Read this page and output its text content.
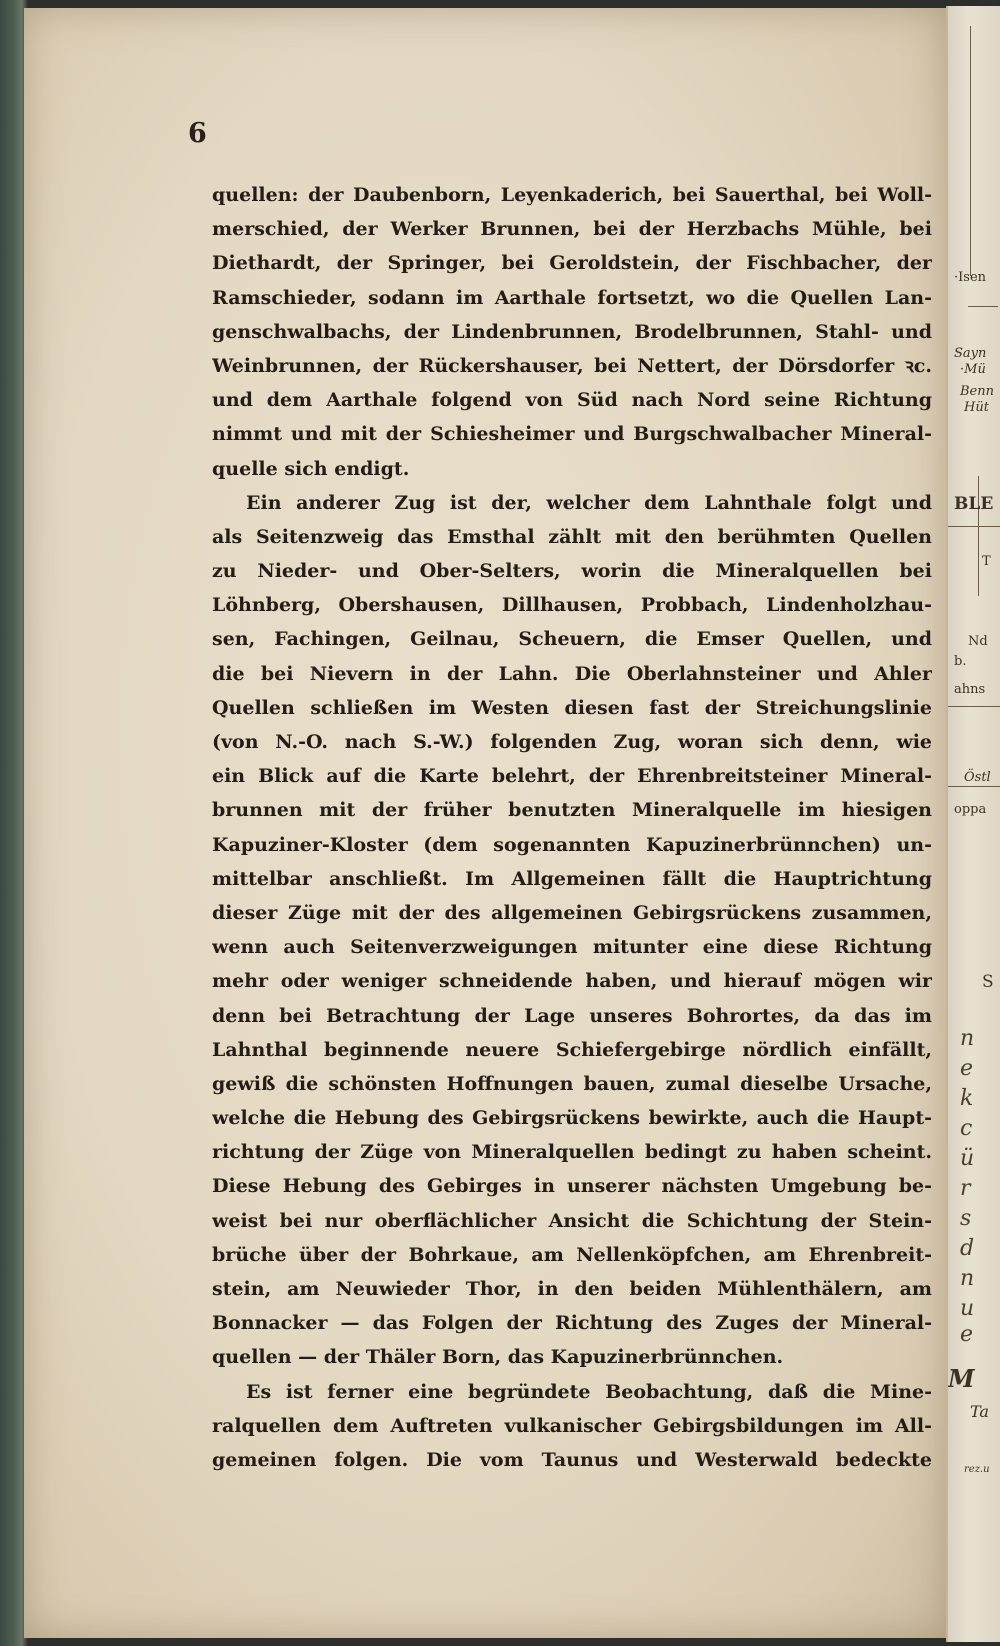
6
quellen: der Daubenborn, Leyenkaderich, bei Sauerthal, bei Woll-
merschied, der Werker Brunnen, bei der Herzbachs Mühle, bei
Diethardt, der Springer, bei Geroldstein, der Fischbacher, der
Ramschieder, sodann im Aarthale fortsetzt, wo die Quellen Lan-
genschwalbachs, der Lindenbrunnen, Brodelbrunnen, Stahl- und
Weinbrunnen, der Rückershauser, bei Nettert, der Dörsdorfer ꝛc.
und dem Aarthale folgend von Süd nach Nord seine Richtung
nimmt und mit der Schiesheimer und Burgschwalbacher Mineral-
quelle sich endigt.
Ein anderer Zug ist der, welcher dem Lahnthale folgt und
als Seitenzweig das Emsthal zählt mit den berühmten Quellen
zu Nieder- und Ober-Selters, worin die Mineralquellen bei
Löhnberg, Obershausen, Dillhausen, Probbach, Lindenholzhau-
sen, Fachingen, Geilnau, Scheuern, die Emser Quellen, und
die bei Nievern in der Lahn. Die Oberlahnsteiner und Ahler
Quellen schließen im Westen diesen fast der Streichungslinie
(von N.-O. nach S.-W.) folgenden Zug, woran sich denn, wie
ein Blick auf die Karte belehrt, der Ehrenbreitsteiner Mineral-
brunnen mit der früher benutzten Mineralquelle im hiesigen
Kapuziner-Kloster (dem sogenannten Kapuzinerbrünnchen) un-
mittelbar anschließt. Im Allgemeinen fällt die Hauptrichtung
dieser Züge mit der des allgemeinen Gebirgsrückens zusammen,
wenn auch Seitenverzweigungen mitunter eine diese Richtung
mehr oder weniger schneidende haben, und hierauf mögen wir
denn bei Betrachtung der Lage unseres Bohrortes, da das im
Lahnthal beginnende neuere Schiefergebirge nördlich einfällt,
gewiß die schönsten Hoffnungen bauen, zumal dieselbe Ursache,
welche die Hebung des Gebirgsrückens bewirkte, auch die Haupt-
richtung der Züge von Mineralquellen bedingt zu haben scheint.
Diese Hebung des Gebirges in unserer nächsten Umgebung be-
weist bei nur oberflächlicher Ansicht die Schichtung der Stein-
brüche über der Bohrkaue, am Nellenköpfchen, am Ehrenbreit-
stein, am Neuwieder Thor, in den beiden Mühlenthälern, am
Bonnacker — das Folgen der Richtung des Zuges der Mineral-
quellen — der Thäler Born, das Kapuzinerbrünnchen.
Es ist ferner eine begründete Beobachtung, daß die Mine-
ralquellen dem Auftreten vulkanischer Gebirgsbildungen im All-
gemeinen folgen. Die vom Taunus und Westerwald bedeckte
·Isen
Sayn
·Mü
Benn
Hüt
BLE
T
Nd
b.
ahns
Östl
oppa
S
n
e
k
c
ü
r
s
d
n
u
e
M
Ta
rez.u
